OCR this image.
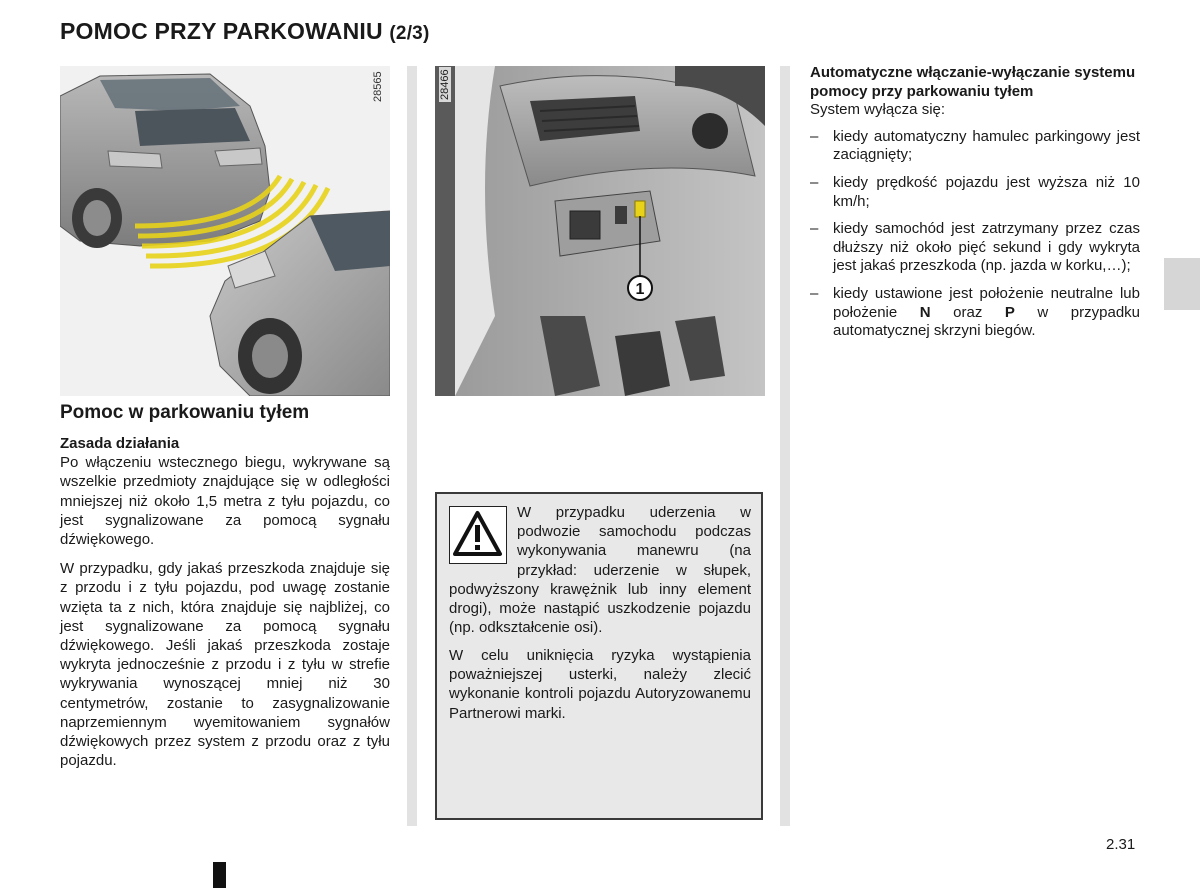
POMOC PRZY PARKOWANIU (2/3)
28565
1
28466
Pomoc w parkowaniu tyłem
Zasada działania

Po włączeniu wstecznego biegu, wykrywane są wszelkie przedmioty znajdujące się w odległości mniejszej niż około 1,5 metra z tyłu pojazdu, co jest sygnalizowane za pomocą sygnału dźwiękowego.

W przypadku, gdy jakaś przeszkoda znajduje się z przodu i z tyłu pojazdu, pod uwagę zostanie wzięta ta z nich, która znajduje się najbliżej, co jest sygnalizowane za pomocą sygnału dźwiękowego. Jeśli jakaś przeszkoda zostaje wykryta jednocześnie z przodu i z tyłu w strefie wykrywania wynoszącej mniej niż 30 centymetrów, zostanie to zasygnalizowanie naprzemiennym wyemitowaniem sygnałów dźwiękowych przez system z przodu oraz z tyłu pojazdu.

W przypadku uderzenia w podwozie samochodu podczas wykonywania manewru (na przykład: uderzenie w słupek, podwyższony krawężnik lub inny element drogi), może nastąpić uszkodzenie pojazdu (np. odkształcenie osi).
W celu uniknięcia ryzyka wystąpienia poważniejszej usterki, należy zlecić wykonanie kontroli pojazdu Autoryzowanemu Partnerowi marki.
Automatyczne włączanie-wyłączanie systemu pomocy przy parkowaniu tyłem
System wyłącza się:
– kiedy automatyczny hamulec parkingowy jest zaciągnięty;
– kiedy prędkość pojazdu jest wyższa niż 10 km/h;
– kiedy samochód jest zatrzymany przez czas dłuższy niż około pięć sekund i gdy wykryta jest jakaś przeszkoda (np. jazda w korku,…);
– kiedy ustawione jest położenie neutralne lub położenie N oraz P w przypadku automatycznej skrzyni biegów.
2.31
